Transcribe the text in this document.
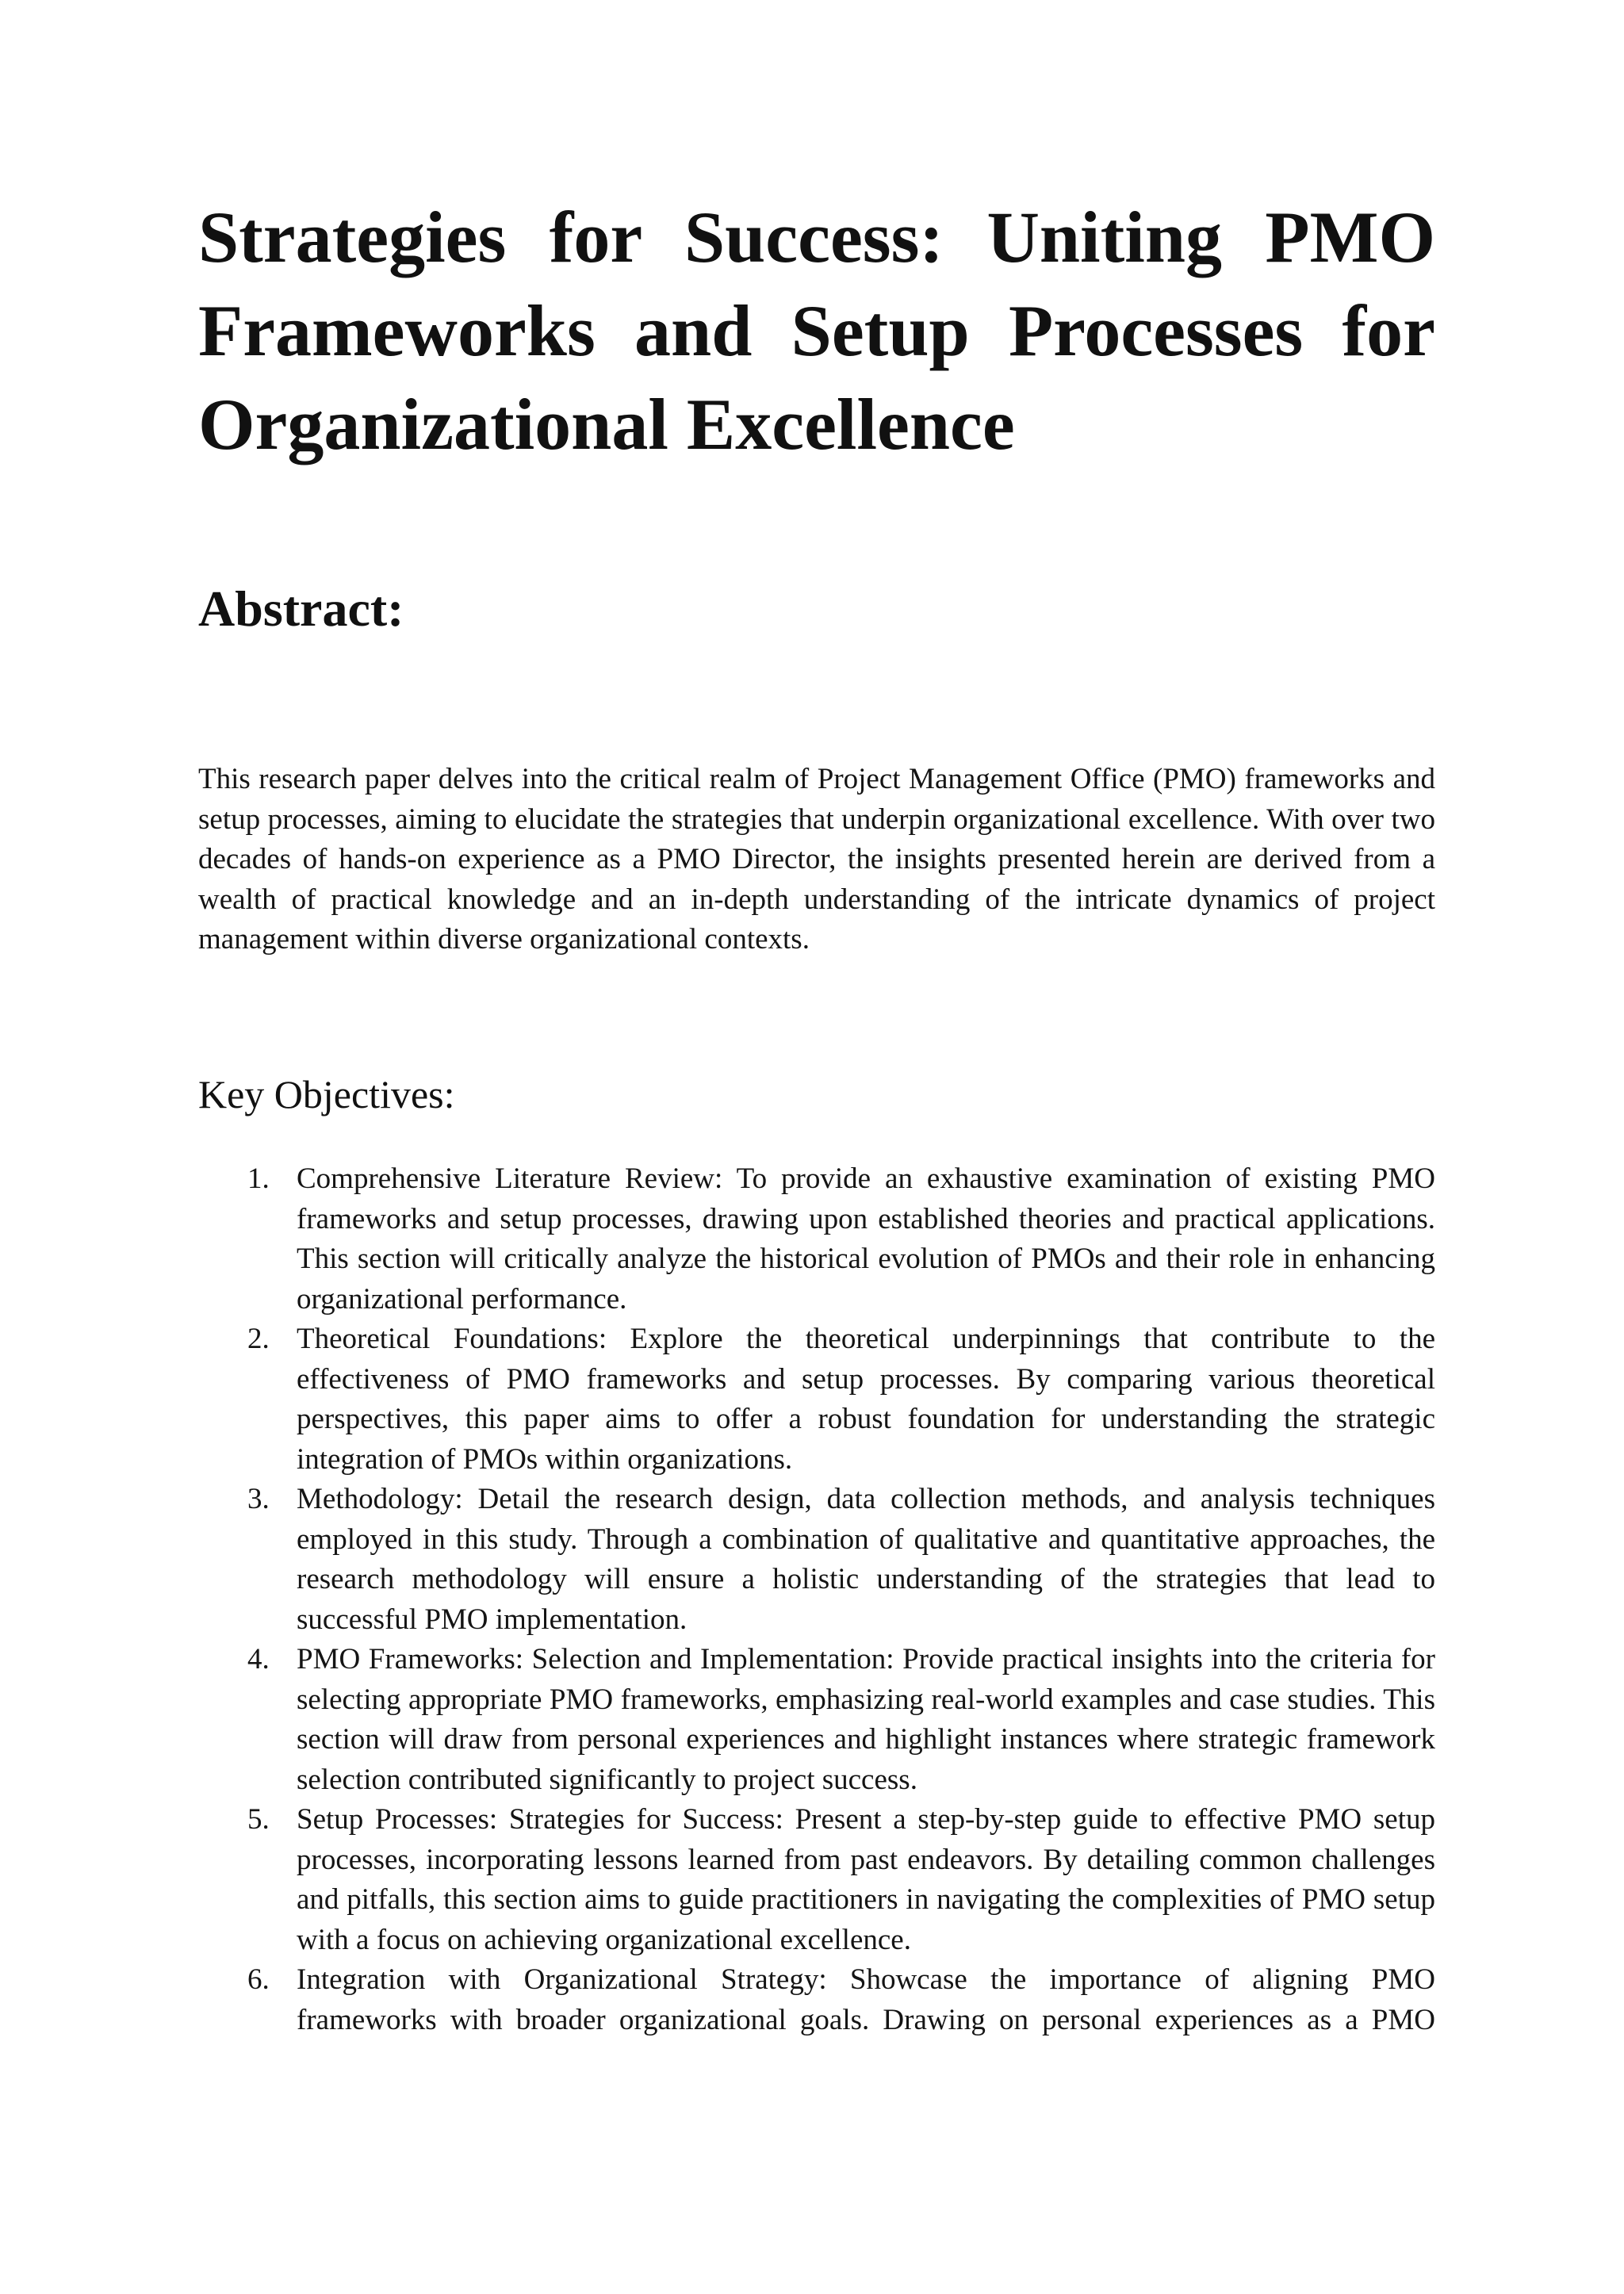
Strategies for Success: Uniting PMO Frameworks and Setup Processes for Organizational Excellence
Abstract:

This research paper delves into the critical realm of Project Management Office (PMO) frameworks and setup processes, aiming to elucidate the strategies that underpin organizational excellence. With over two decades of hands-on experience as a PMO Director, the insights presented herein are derived from a wealth of practical knowledge and an in-depth understanding of the intricate dynamics of project management within diverse organizational contexts.

Key Objectives:
1. Comprehensive Literature Review: To provide an exhaustive examination of existing PMO frameworks and setup processes, drawing upon established theories and practical applications. This section will critically analyze the historical evolution of PMOs and their role in enhancing organizational performance.
2. Theoretical Foundations: Explore the theoretical underpinnings that contribute to the effectiveness of PMO frameworks and setup processes. By comparing various theoretical perspectives, this paper aims to offer a robust foundation for understanding the strategic integration of PMOs within organizations.
3. Methodology: Detail the research design, data collection methods, and analysis techniques employed in this study. Through a combination of qualitative and quantitative approaches, the research methodology will ensure a holistic understanding of the strategies that lead to successful PMO implementation.
4. PMO Frameworks: Selection and Implementation: Provide practical insights into the criteria for selecting appropriate PMO frameworks, emphasizing real-world examples and case studies. This section will draw from personal experiences and highlight instances where strategic framework selection contributed significantly to project success.
5. Setup Processes: Strategies for Success: Present a step-by-step guide to effective PMO setup processes, incorporating lessons learned from past endeavors. By detailing common challenges and pitfalls, this section aims to guide practitioners in navigating the complexities of PMO setup with a focus on achieving organizational excellence.
6. Integration with Organizational Strategy: Showcase the importance of aligning PMO frameworks with broader organizational goals. Drawing on personal experiences as a PMO
